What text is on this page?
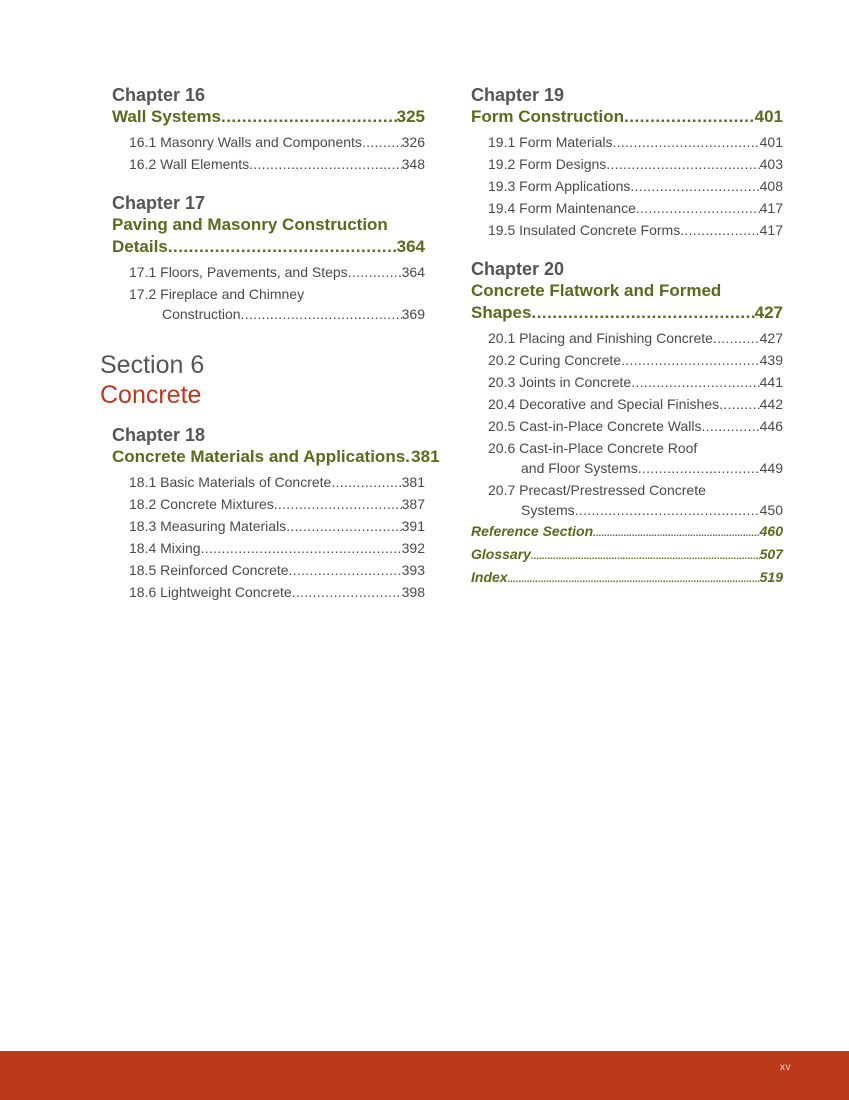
Chapter 16
Wall Systems .....	325
16.1 Masonry Walls and Components .....	326
16.2 Wall Elements .....	348
Chapter 17
Paving and Masonry Construction
Details .....	364
17.1 Floors, Pavements, and Steps .....	364
17.2 Fireplace and Chimney
Construction .....	369
Section 6
Concrete
Chapter 18
Concrete Materials and Applications ..... 381
18.1 Basic Materials of Concrete .....	381
18.2 Concrete Mixtures .....	387
18.3 Measuring Materials .....	391
18.4 Mixing .....	392
18.5 Reinforced Concrete .....	393
18.6 Lightweight Concrete .....	398
Chapter 19
Form Construction .....	401
19.1 Form Materials .....	401
19.2 Form Designs .....	403
19.3 Form Applications .....	408
19.4 Form Maintenance .....	417
19.5 Insulated Concrete Forms .....	417
Chapter 20
Concrete Flatwork and Formed
Shapes .....	427
20.1 Placing and Finishing Concrete .....	427
20.2 Curing Concrete .....	439
20.3 Joints in Concrete .....	441
20.4 Decorative and Special Finishes .....	442
20.5 Cast-in-Place Concrete Walls .....	446
20.6 Cast-in-Place Concrete Roof
and Floor Systems .....	449
20.7 Precast/Prestressed Concrete
Systems .....	450
Reference Section .....	460
Glossary .....	507
Index .....	519
xv
